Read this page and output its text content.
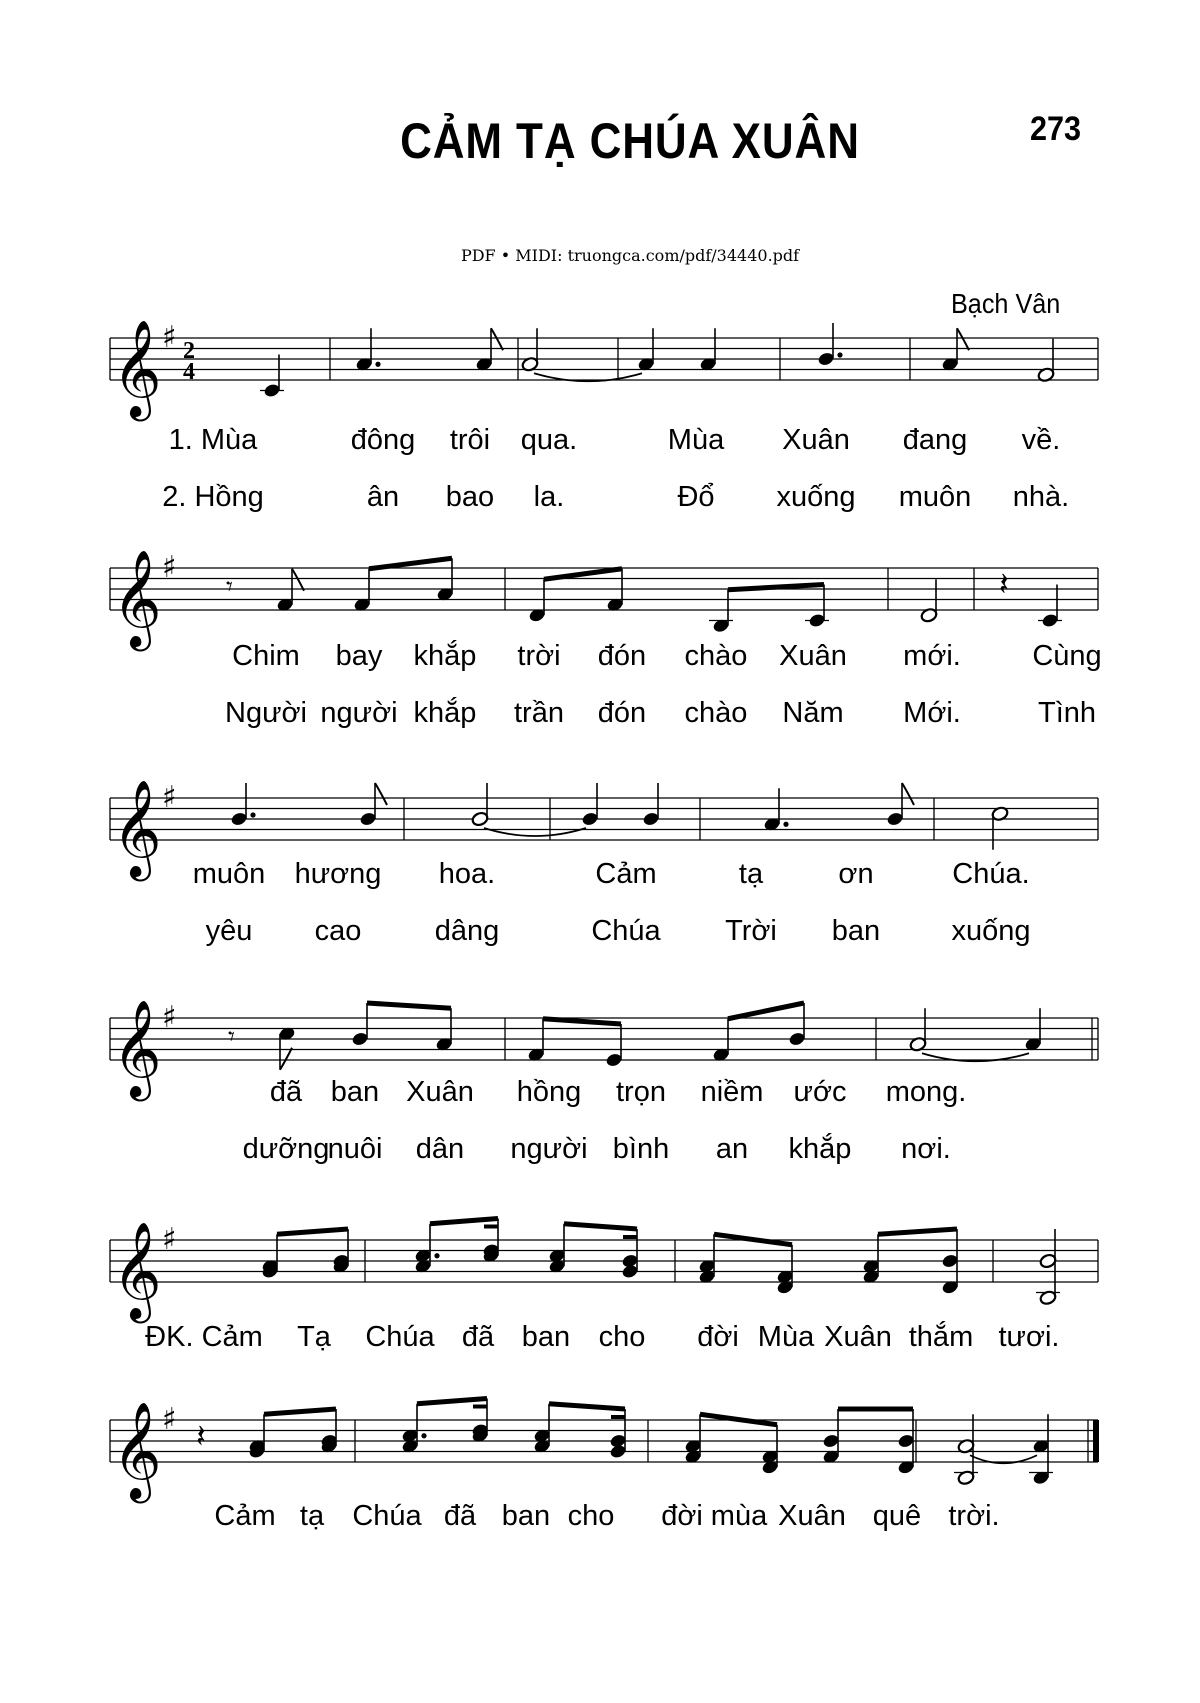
CẢM TẠ CHÚA XUÂN	273
PDF • MIDI: truongca.com/pdf/34440.pdf
Bạch Vân
𝄞 ♯ 2
4
𝄞 ♯
𝄞 ♯
𝄞 ♯
𝄞 ♯
𝄞 ♯
𝄾	𝄽
𝄾
𝄽
1. Mùa	đông trôi qua.	Mùa Xuân đang về.
2. Hồng	ân bao la.	Đổ xuống muôn nhà.
Chim bay khắp trời đón chào Xuân mới. Cùng
Người người khắp trần đón chào Năm Mới.	Tình
muôn hương hoa.	Cảm	tạ	ơn	Chúa.
yêu cao	dâng	Chúa Trời ban xuống
đã ban Xuân hồng trọn niềm ước mong.
dưỡng
nuôi dân người bình an khắp nơi.
ĐK. Cảm Tạ Chúa đã ban cho đời Mùa Xuân thắm tươi.
Cảm tạ Chúa đã ban cho đời mùa Xuân quê trời.
